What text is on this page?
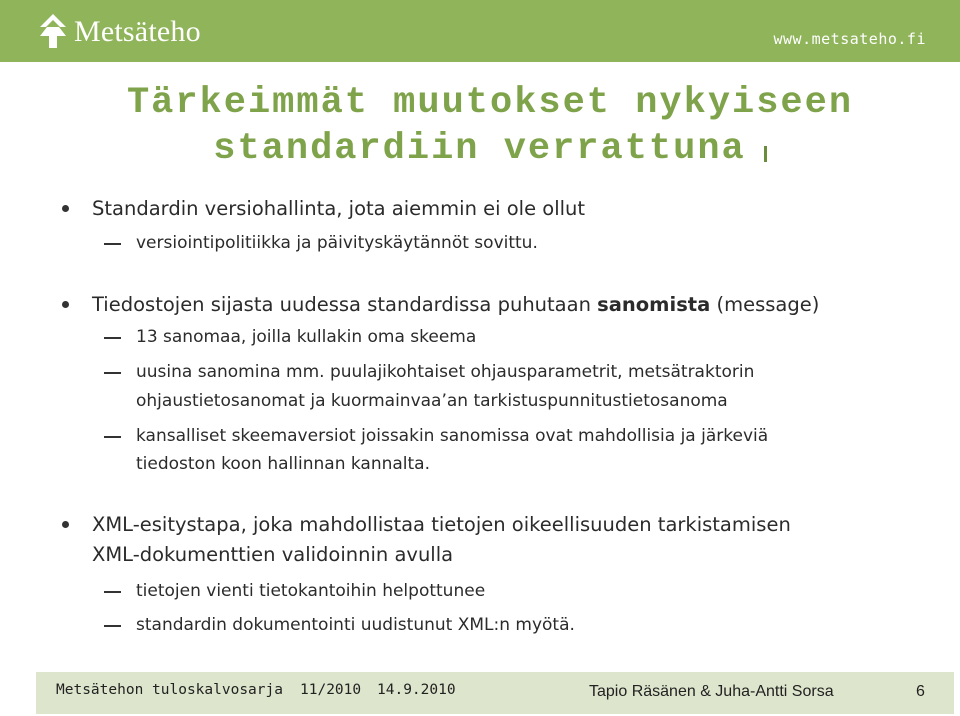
Metsäteho	www.metsateho.fi
Tärkeimmät muutokset nykyiseen
standardiin verrattuna
Standardin versiohallinta, jota aiemmin ei ole ollut
versiointipolitiikka ja päivityskäytännöt sovittu.
Tiedostojen sijasta uudessa standardissa puhutaan sanomista (message)
13 sanomaa, joilla kullakin oma skeema
uusina sanomina mm. puulajikohtaiset ohjausparametrit, metsätraktorin
ohjaustietosanomat ja kuormainvaa’an tarkistuspunnitustietosanoma
kansalliset skeemaversiot joissakin sanomissa ovat mahdollisia ja järkeviä
tiedoston koon hallinnan kannalta.
XML-esitystapa, joka mahdollistaa tietojen oikeellisuuden tarkistamisen
XML-dokumenttien validoinnin avulla
tietojen vienti tietokantoihin helpottunee
standardin dokumentointi uudistunut XML:n myötä.
Metsätehon tuloskalvosarja 11/2010 14.9.2010	Tapio Räsänen & Juha-Antti Sorsa	6
